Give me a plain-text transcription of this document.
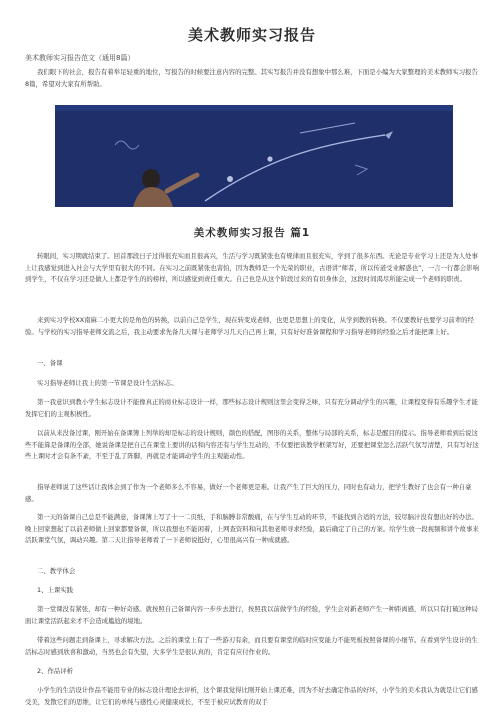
美术教师实习报告
美术教师实习报告范文（通用8篇）

我们眼下的社会，报告有着举足轻重的地位，写报告的时候要注意内容的完整。其实写报告并没有想象中那么难，下面是小编为大家整理的美术教师实习报告8篇，希望对大家有所帮助。

美术教师实习报告 篇1

转眼间，实习期就结束了。回首那段日子过得很充实而且很高兴，生活与学习既紧张也有规律而且很充实，学到了很多东西。无论是专业学习上还是为人处事上让我感觉到进入社会与大学里有很大的不同。在实习之前既紧张也害怕，因为教师是一个光荣的职业，古语讲“师者，所以传道受业解惑也”，一言一行都会影响到学生，不仅在学习还是做人上都是学生的的榜样，所以感觉到责任重大。自己也是从这个阶段过来的有切身体会，这段时间渴尽所能完成一个老师的职责。

来到实习学校XX南麻二小更大的是角色的转换，以前自己是学生，现在转变成老师，也更是思想上的变化，从学到教的转换。不仅要教好也要学习前辈的经验。与学校的实习指导老师交流之后，我主动要求先备几天课与老师学习几天自己再上课，只有好好准备课程和学习指导老师的经验之后才能把课上好。

一、备课

实习指导老师让我上的第一节课是设计生活标志。

第一我意识到教小学生标志设计不能像真正的商业标志设计一样，那些标志设计规则这里会变得乏味，只有充分调动学生的兴趣，让课程变得有乐趣学生才能发挥它们的主观积极性。

以前从来没备过课，刚开始在备课簿上列举的却是标志的设计规则，颜色的搭配，图形的关系，整体与局部的关系，标志是醒目的提示。指导老师看到后说这些不能算是备课的全部，她说备课是把自己在课堂上要讲的话和内容还有与学生互动的，不仅要把该教学框架写好，还要把课堂怎么活跃气氛写清楚，只有写好这些上课时才会有条不紊，不至于乱了阵脚，再就是才能调动学生的主观能动性。

指导老师说了这些话让我体会到了作为一个老师多么不容易，做好一个老师更是难。让我产生了巨大的压力，同时也有动力，把学生教好了也会有一种自豪感。

第一天的备课自己总是不能满意，备课簿上写了十一二页纸，手和脑膊非常酸痛，在与学生互动的环节，不能找到合适的方法，较尽脑汁没有想出好的办法。晚上回家想起了以前老师做上回家都要备课，所以我想也不能闲着，上网查资料和向其他老师寻求经验，最后确定了自己的方案。给学生放一段视频和讲个故事来活跃课堂气氛，调动兴趣。第二天让指导老师看了一下老师说挺好，心里很高兴有一种成就感。

二、教学体会

1、上课实践

第一堂课没有紧张，却有一种好奇感。就按照自己备课内容一步步去进行，按照我以前做学生的经验，学生会对新老师产生一种距离感，所以只有打破这种局面让课堂活跃起来才不会造成尴尬的境地。

带着这些问题走到备课上，寻求解决方法。之后的课堂上有了一些游刃有余，而且要有课堂的临时应变能力不能死板按照备课的小细节。在看到学生设计的生活标志时感到欣喜和激动，当然也会有失望，大多学生是很认真的，肯定有应付作业的。

2、作品评析

小学生的生活设计作品不能用专业的标志设计理论去评析，这个课我觉得比刚开始上课还难，因为不好去确定作品的好坏，小学生的美术我认为就是让它们感受美，发散它们的思维，让它们的单纯与感性心灵健康成长，不至于被应试教育的双手
